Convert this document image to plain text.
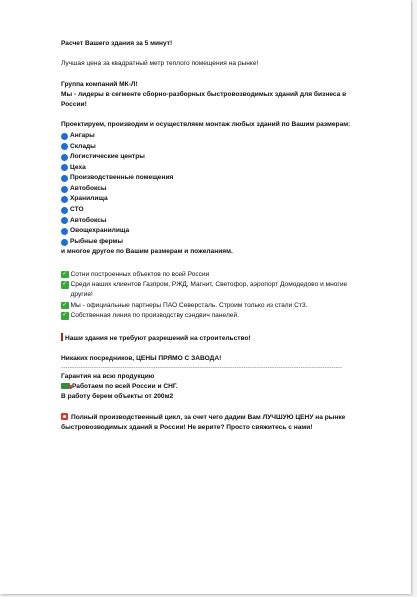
Расчет Вашего здания за 5 минут!

Лучшая цена за квадратный метр теплого помещения на рынке!

Группа компаний МК-Л!

Мы - лидеры в сегменте сборно-разборных быстровозводимых зданий для бизнеса в России!

Проектируем, производим и осуществляем монтаж любых зданий по Вашим размерам:

Ангары
Склады
Логистические центры
Цеха
Производственные помещения
Автобоксы
Хранилища
СТО
Автобоксы
Овощехранилища
Рыбные фермы

и многое другое по Вашим размерам и пожеланиям.

✓ Сотни построенных объектов по всей России
✓ Среди наших клиентов Газпром, РЖД, Магнит, Светофор, аэропорт Домодедово и многие другие!
✓ Мы - официальные партнеры ПАО Северсталь. Строим только из стали Ст3.
✓ Собственная линия по производству сэндвич панелей.

Наши здания не требуют разрешений на строительство!

Никаких посредников, ЦЕНЫ ПРЯМО С ЗАВОДА!

--------------------------------------------------------------------------------------------------------------------------------

Гарантия на всю продукцию

Работаем по всей России и СНГ.

В работу берем объекты от 200м2

Полный производственный цикл, за счет чего дадим Вам ЛУЧШУЮ ЦЕНУ на рынке быстровозводимых зданий в России! Не верите? Просто свяжитесь с нами!
